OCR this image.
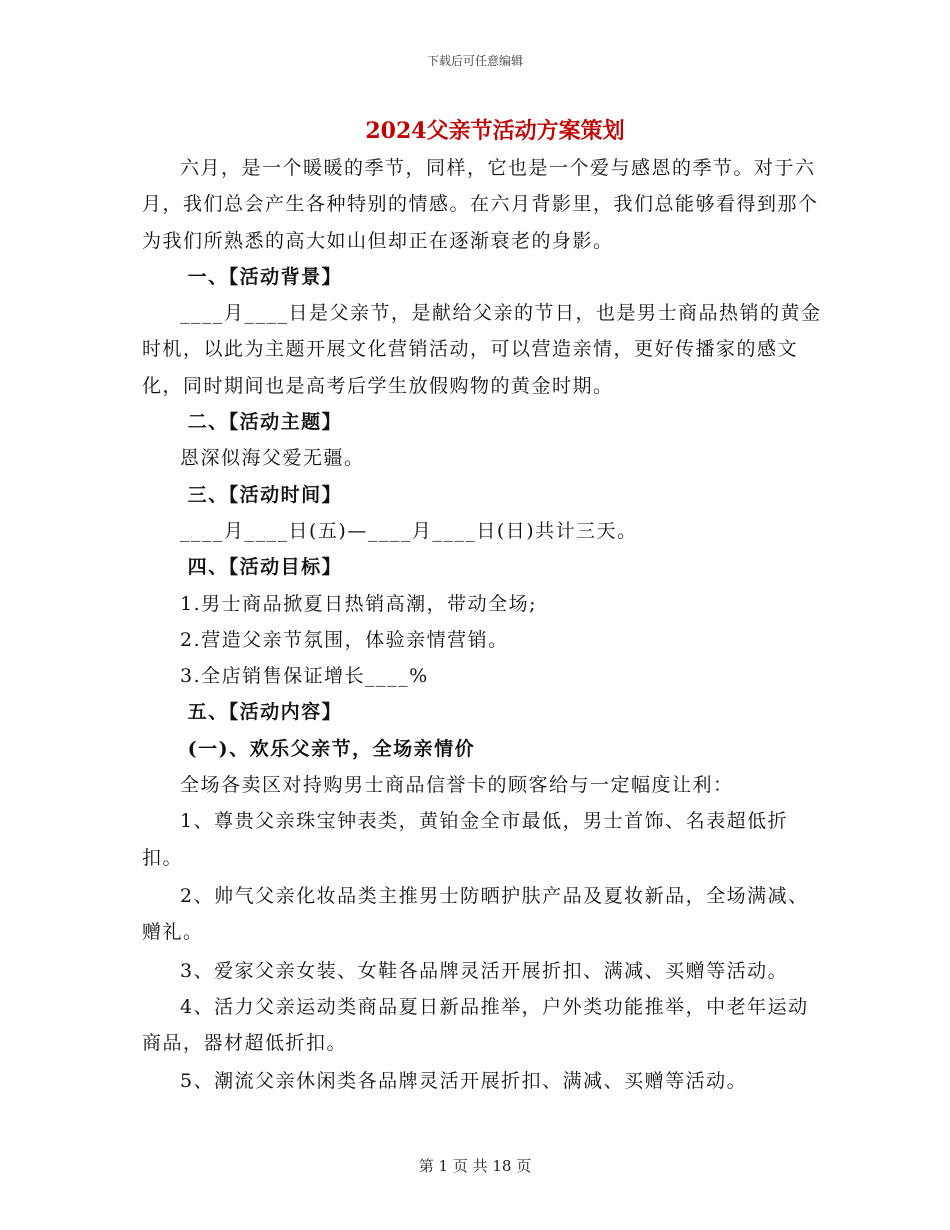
下载后可任意编辑
2024父亲节活动方案策划

六月，是一个暖暖的季节，同样，它也是一个爱与感恩的季节。对于六月，我们总会产生各种特别的情感。在六月背影里，我们总能够看得到那个为我们所熟悉的高大如山但却正在逐渐衰老的身影。

一、【活动背景】

____月____日是父亲节，是献给父亲的节日，也是男士商品热销的黄金时机，以此为主题开展文化营销活动，可以营造亲情，更好传播家的感文化，同时期间也是高考后学生放假购物的黄金时期。

二、【活动主题】

恩深似海父爱无疆。

三、【活动时间】

____月____日(五)—____月____日(日)共计三天。

四、【活动目标】

1.男士商品掀夏日热销高潮，带动全场;

2.营造父亲节氛围，体验亲情营销。

3.全店销售保证增长____%

五、【活动内容】

(一)、欢乐父亲节，全场亲情价

全场各卖区对持购男士商品信誉卡的顾客给与一定幅度让利：

1、尊贵父亲珠宝钟表类，黄铂金全市最低，男士首饰、名表超低折扣。

2、帅气父亲化妆品类主推男士防晒护肤产品及夏妆新品，全场满减、赠礼。

3、爱家父亲女装、女鞋各品牌灵活开展折扣、满减、买赠等活动。

4、活力父亲运动类商品夏日新品推举，户外类功能推举，中老年运动商品，器材超低折扣。

5、潮流父亲休闲类各品牌灵活开展折扣、满减、买赠等活动。

第 1 页 共 18 页
